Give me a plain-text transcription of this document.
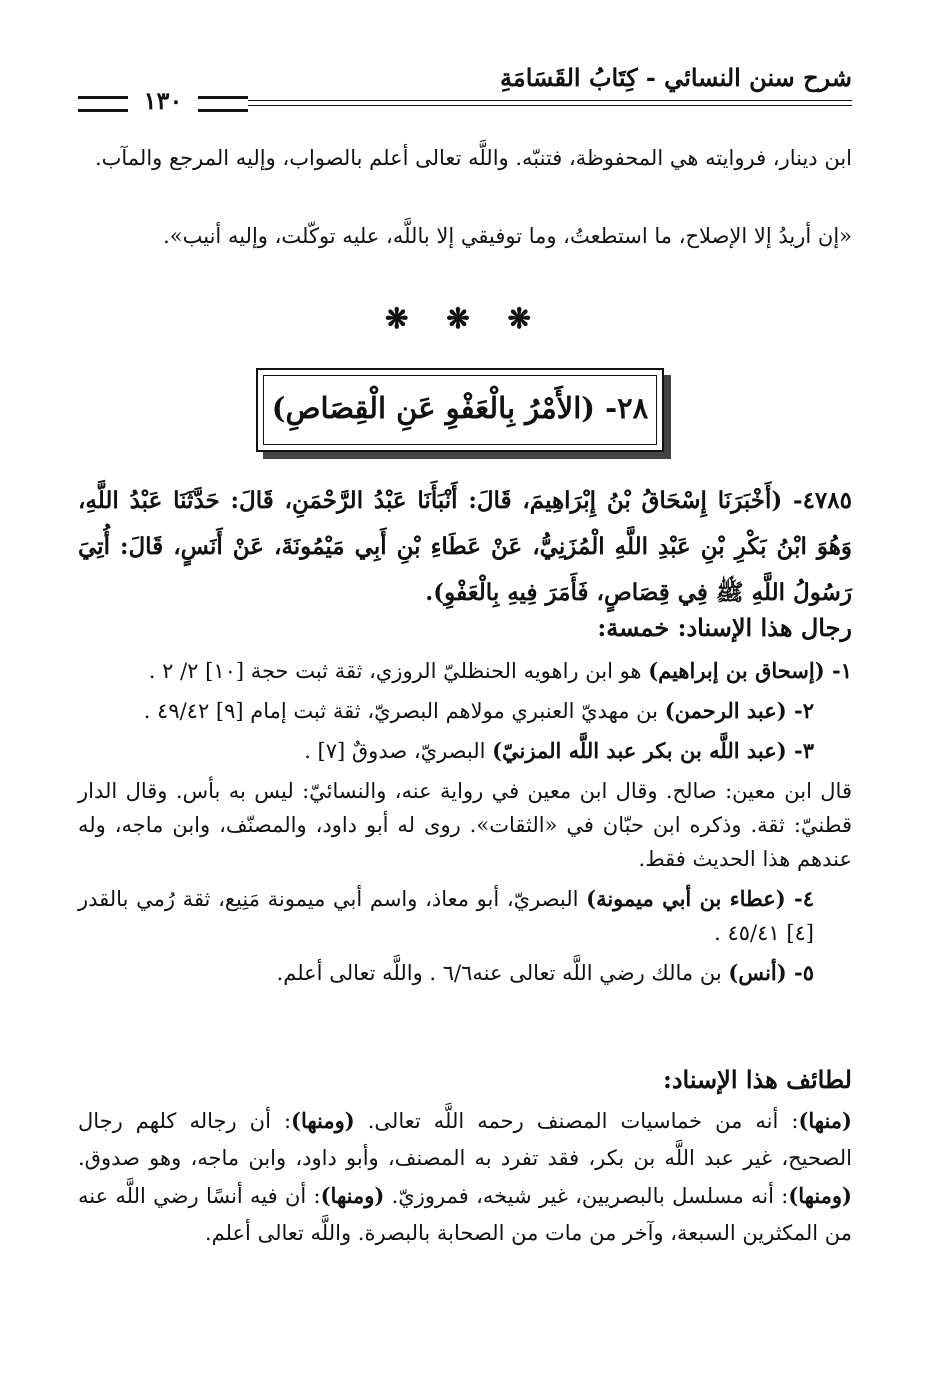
شرح سنن النسائي - كِتَابُ القَسَامَةِ
١٣٠
ابن دينار، فروايته هي المحفوظة، فتنبّه. واللَّه تعالى أعلم بالصواب، وإليه المرجع والمآب.
«إن أريدُ إلا الإصلاح، ما استطعتُ، وما توفيقي إلا باللَّه، عليه توكّلت، وإليه أنيب».
❋ ❋ ❋
٢٨- (الأَمْرُ بِالْعَفْوِ عَنِ الْقِصَاصِ)
٤٧٨٥- (أَخْبَرَنَا إِسْحَاقُ بْنُ إِبْرَاهِيمَ، قَالَ: أَنْبَأَنَا عَبْدُ الرَّحْمَنِ، قَالَ: حَدَّثَنَا عَبْدُ اللَّهِ، وَهُوَ ابْنُ بَكْرِ بْنِ عَبْدِ اللَّهِ الْمُزَنِيُّ، عَنْ عَطَاءِ بْنِ أَبِي مَيْمُونَةَ، عَنْ أَنَسٍ، قَالَ: أُتِيَ رَسُولُ اللَّهِ ﷺ فِي قِصَاصٍ، فَأَمَرَ فِيهِ بِالْعَفْوِ).
رجال هذا الإسناد: خمسة:

١- (إسحاق بن إبراهيم) هو ابن راهويه الحنظليّ الروزي، ثقة ثبت حجة [١٠] ٢/ ٢ .

٢- (عبد الرحمن) بن مهديّ العنبري مولاهم البصريّ، ثقة ثبت إمام [٩] ٤٩/٤٢ .

٣- (عبد اللَّه بن بكر عبد اللَّه المزنيّ) البصريّ، صدوقٌ [٧] .

قال ابن معين: صالح. وقال ابن معين في رواية عنه، والنسائيّ: ليس به بأس. وقال الدار قطنيّ: ثقة. وذكره ابن حبّان في «الثقات». روى له أبو داود، والمصنّف، وابن ماجه، وله عندهم هذا الحديث فقط.

٤- (عطاء بن أبي ميمونة) البصريّ، أبو معاذ، واسم أبي ميمونة مَنِيع، ثقة رُمي بالقدر [٤] ٤٥/٤١ .

٥- (أنس) بن مالك رضي اللَّه تعالى عنه٦/٦ . واللَّه تعالى أعلم.

لطائف هذا الإسناد:
(منها): أنه من خماسيات المصنف رحمه اللَّه تعالى. (ومنها): أن رجاله كلهم رجال الصحيح، غير عبد اللَّه بن بكر، فقد تفرد به المصنف، وأبو داود، وابن ماجه، وهو صدوق. (ومنها): أنه مسلسل بالبصريين، غير شيخه، فمروزيّ. (ومنها): أن فيه أنسًا رضي اللَّه عنه من المكثرين السبعة، وآخر من مات من الصحابة بالبصرة. واللَّه تعالى أعلم.
